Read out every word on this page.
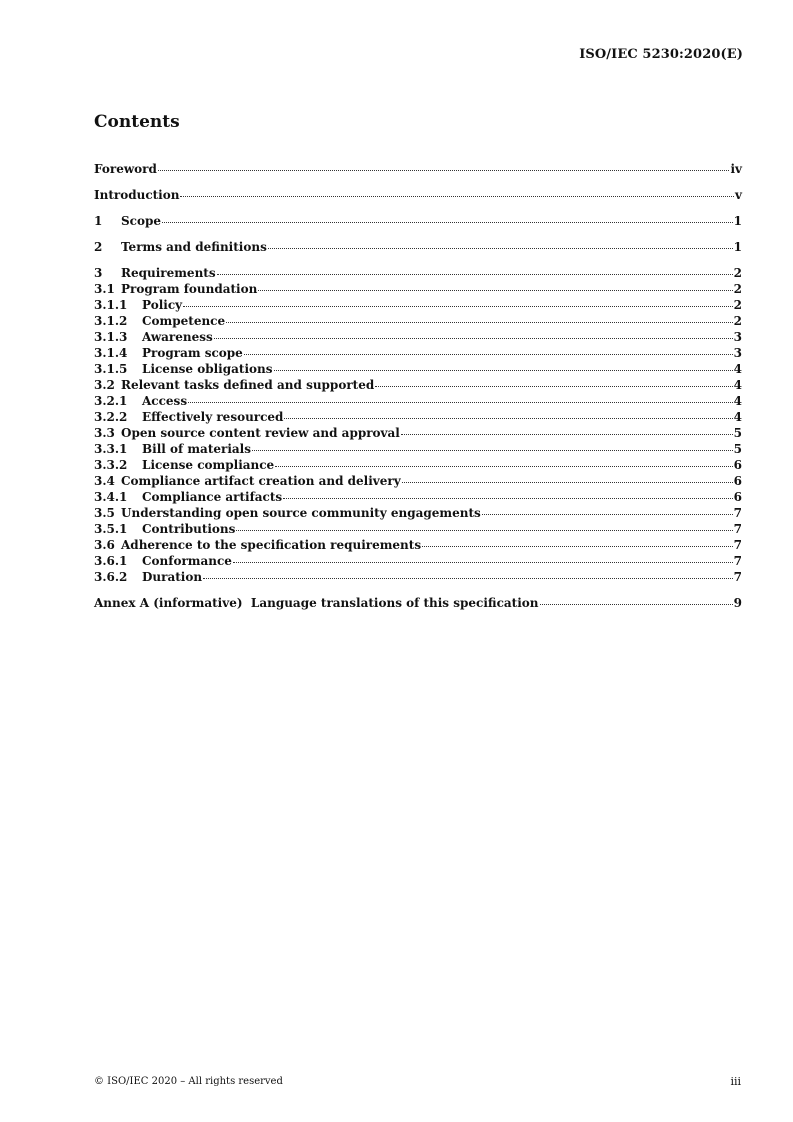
ISO/IEC 5230:2020(E)
Contents
Foreword	iv
Introduction	v
1	Scope	1
2	Terms and definitions	1
3	Requirements	2
3.1 Program foundation	2
3.1.1	Policy	2
3.1.2	Competence	2
3.1.3	Awareness	3
3.1.4	Program scope	3
3.1.5	License obligations	4
3.2 Relevant tasks defined and supported	4
3.2.1	Access	4
3.2.2	Effectively resourced	4
3.3 Open source content review and approval	5
3.3.1	Bill of materials	5
3.3.2	License compliance	6
3.4 Compliance artifact creation and delivery	6
3.4.1	Compliance artifacts	6
3.5 Understanding open source community engagements	7
3.5.1	Contributions	7
3.6 Adherence to the specification requirements	7
3.6.1	Conformance	7
3.6.2	Duration	7
Annex A (informative)  Language translations of this specification	9
© ISO/IEC 2020 – All rights reserved	iii
